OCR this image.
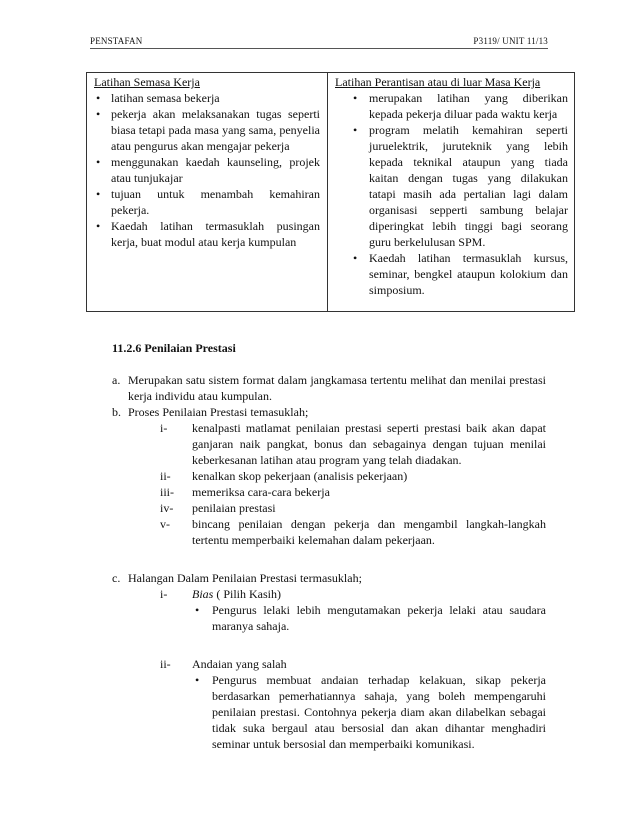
PENSTAFAN	P3119/ UNIT 11/13
Latihan Semasa Kerja
• latihan semasa bekerja
• pekerja akan melaksanakan tugas seperti biasa tetapi pada masa yang sama, penyelia atau pengurus akan mengajar pekerja
• menggunakan kaedah kaunseling, projek atau tunjukajar
• tujuan untuk menambah kemahiran pekerja.
• Kaedah latihan termasuklah pusingan kerja, buat modul atau kerja kumpulan
Latihan Perantisan atau di luar Masa Kerja
• merupakan latihan yang diberikan kepada pekerja diluar pada waktu kerja
• program melatih kemahiran seperti juruelektrik, juruteknik yang lebih kepada teknikal ataupun yang tiada kaitan dengan tugas yang dilakukan tatapi masih ada pertalian lagi dalam organisasi sepperti sambung belajar diperingkat lebih tinggi bagi seorang guru berkelulusan SPM.
• Kaedah latihan termasuklah kursus, seminar, bengkel ataupun kolokium dan simposium.
11.2.6 Penilaian Prestasi
a. Merupakan satu sistem format dalam jangkamasa tertentu melihat dan menilai prestasi kerja individu atau kumpulan.
b. Proses Penilaian Prestasi temasuklah;
i- kenalpasti matlamat penilaian prestasi seperti prestasi baik akan dapat ganjaran naik pangkat, bonus dan sebagainya dengan tujuan menilai keberkesanan latihan atau program yang telah diadakan.
ii- kenalkan skop pekerjaan (analisis pekerjaan)
iii- memeriksa cara-cara bekerja
iv- penilaian prestasi
v- bincang penilaian dengan pekerja dan mengambil langkah-langkah tertentu memperbaiki kelemahan dalam pekerjaan.
c. Halangan Dalam Penilaian Prestasi termasuklah;
i- Bias ( Pilih Kasih)
• Pengurus lelaki lebih mengutamakan pekerja lelaki atau saudara maranya sahaja.
ii- Andaian yang salah
• Pengurus membuat andaian terhadap kelakuan, sikap pekerja berdasarkan pemerhatiannya sahaja, yang boleh mempengaruhi penilaian prestasi. Contohnya pekerja diam akan dilabelkan sebagai tidak suka bergaul atau bersosial dan akan dihantar menghadiri seminar untuk bersosial dan memperbaiki komunikasi.
